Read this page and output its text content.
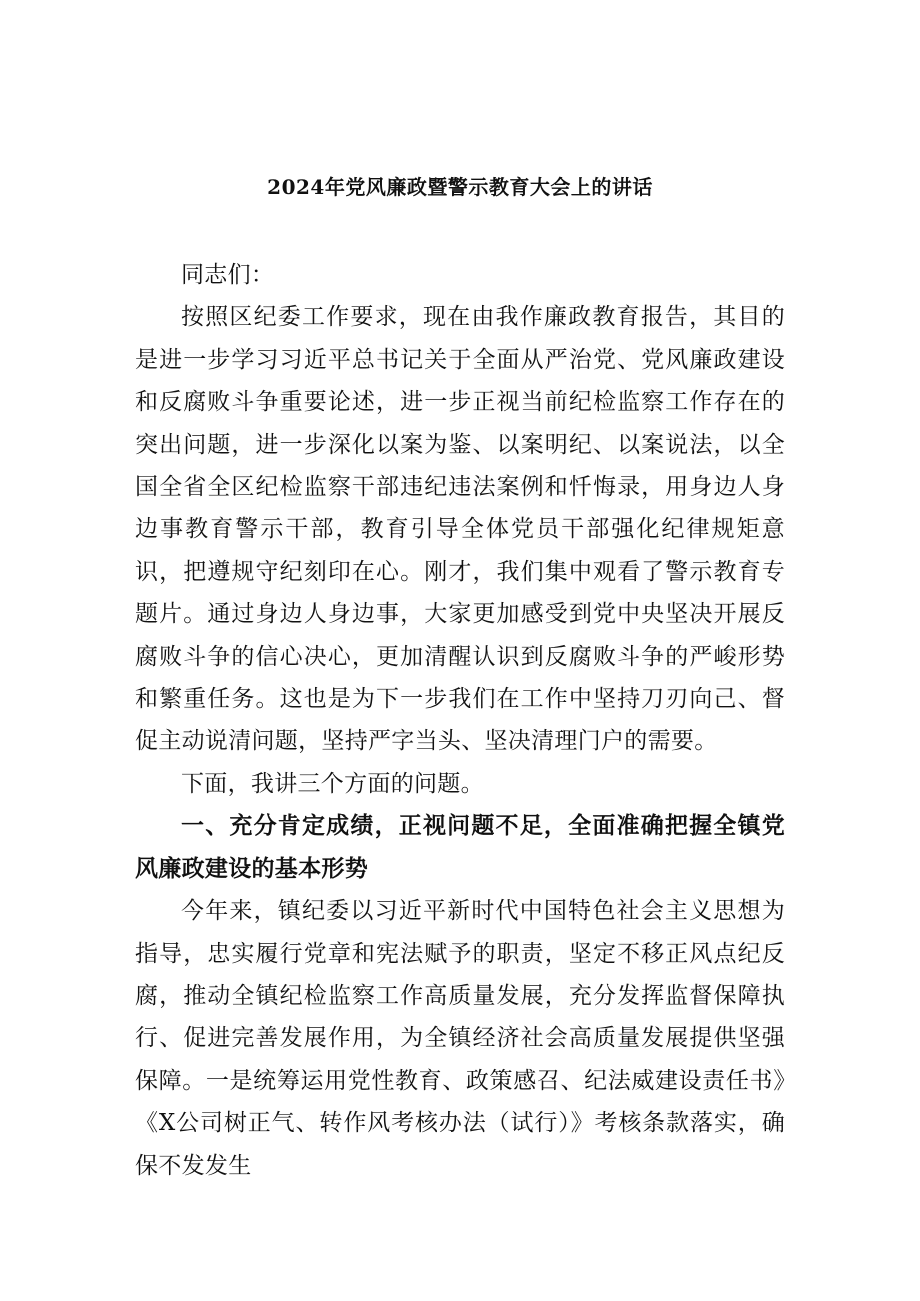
2024年党风廉政暨警示教育大会上的讲话

同志们：

按照区纪委工作要求，现在由我作廉政教育报告，其目的是进一步学习习近平总书记关于全面从严治党、党风廉政建设和反腐败斗争重要论述，进一步正视当前纪检监察工作存在的突出问题，进一步深化以案为鉴、以案明纪、以案说法，以全国全省全区纪检监察干部违纪违法案例和忏悔录，用身边人身边事教育警示干部，教育引导全体党员干部强化纪律规矩意识，把遵规守纪刻印在心。刚才，我们集中观看了警示教育专题片。通过身边人身边事，大家更加感受到党中央坚决开展反腐败斗争的信心决心，更加清醒认识到反腐败斗争的严峻形势和繁重任务。这也是为下一步我们在工作中坚持刀刃向己、督促主动说清问题，坚持严字当头、坚决清理门户的需要。

下面，我讲三个方面的问题。

一、充分肯定成绩，正视问题不足，全面准确把握全镇党风廉政建设的基本形势

今年来，镇纪委以习近平新时代中国特色社会主义思想为指导，忠实履行党章和宪法赋予的职责，坚定不移正风点纪反腐，推动全镇纪检监察工作高质量发展，充分发挥监督保障执行、促进完善发展作用，为全镇经济社会高质量发展提供坚强保障。一是统筹运用党性教育、政策感召、纪法威建设责任书》《X公司树正气、转作风考核办法（试行）》考核条款落实，确保不发发生
